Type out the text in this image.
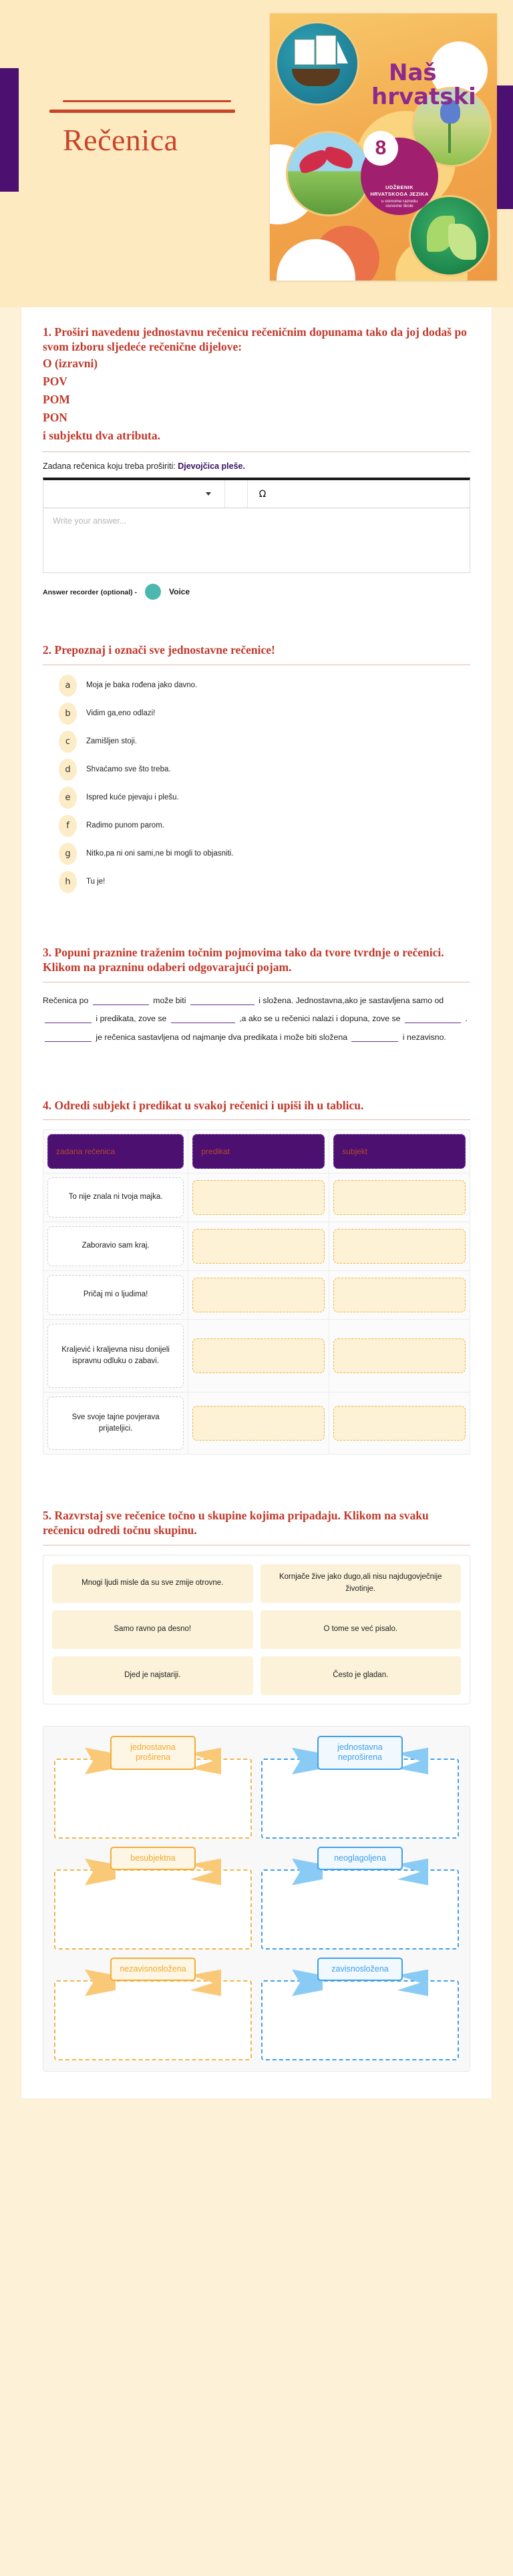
Rečenica
UDŽBENIK
HRVATSKOGA JEZIKA
u osmome razredu
osnovne škole
8
Naš
hrvatski
1. Proširi navedenu jednostavnu rečenicu rečeničnim dopunama tako da joj dodaš po svom izboru sljedeće rečenične dijelove:
O (izravni)
POV
POM
PON
i subjektu dva atributa.
Zadana rečenica koju treba proširiti: Djevojčica pleše.
Ω
Write your answer...
Answer recorder (optional) -	Voice
2. Prepoznaj i označi sve jednostavne rečenice!
a	Moja je baka rođena jako davno.
b	Vidim ga,eno odlazi!
c	Zamišljen stoji.
d	Shvaćamo sve što treba.
e	Ispred kuće pjevaju i plešu.
f	Radimo punom parom.
g	Nitko,pa ni oni sami,ne bi mogli to objasniti.
h	Tu je!
3. Popuni praznine traženim točnim pojmovima tako da tvore tvrdnje o rečenici. Klikom na prazninu odaberi odgovarajući pojam.
Rečenica po	može biti	i složena. Jednostavna,ako je sastavljena samo od  i predikata, zove se	,a ako se u rečenici nalazi i dopuna, zove se	.  je rečenica sastavljena od najmanje dva predikata i može biti složena	i nezavisno.
4. Odredi subjekt i predikat u svakoj rečenici i upiši ih u tablicu.
zadana rečenica	predikat	subjekt

To nije znala ni tvoja majka.		

Zaboravio sam kraj.		

Pričaj mi o ljudima!		

Kraljević i kraljevna nisu donijeli ispravnu odluku o zabavi.		

Sve svoje tajne povjerava prijateljici.		

5. Razvrstaj sve rečenice točno u skupine kojima pripadaju. Klikom na svaku rečenicu odredi točnu skupinu.
Mnogi ljudi misle da su sve zmije otrovne.
Kornjače žive jako dugo,ali nisu najdugovječnije životinje.
Samo ravno pa desno!	O tome se već pisalo.
Djed je najstariji.	Često je gladan.
jednostavna proširena
jednostavna neproširena
besubjektna	neoglagoljena
nezavisnosložena	zavisnosložena
